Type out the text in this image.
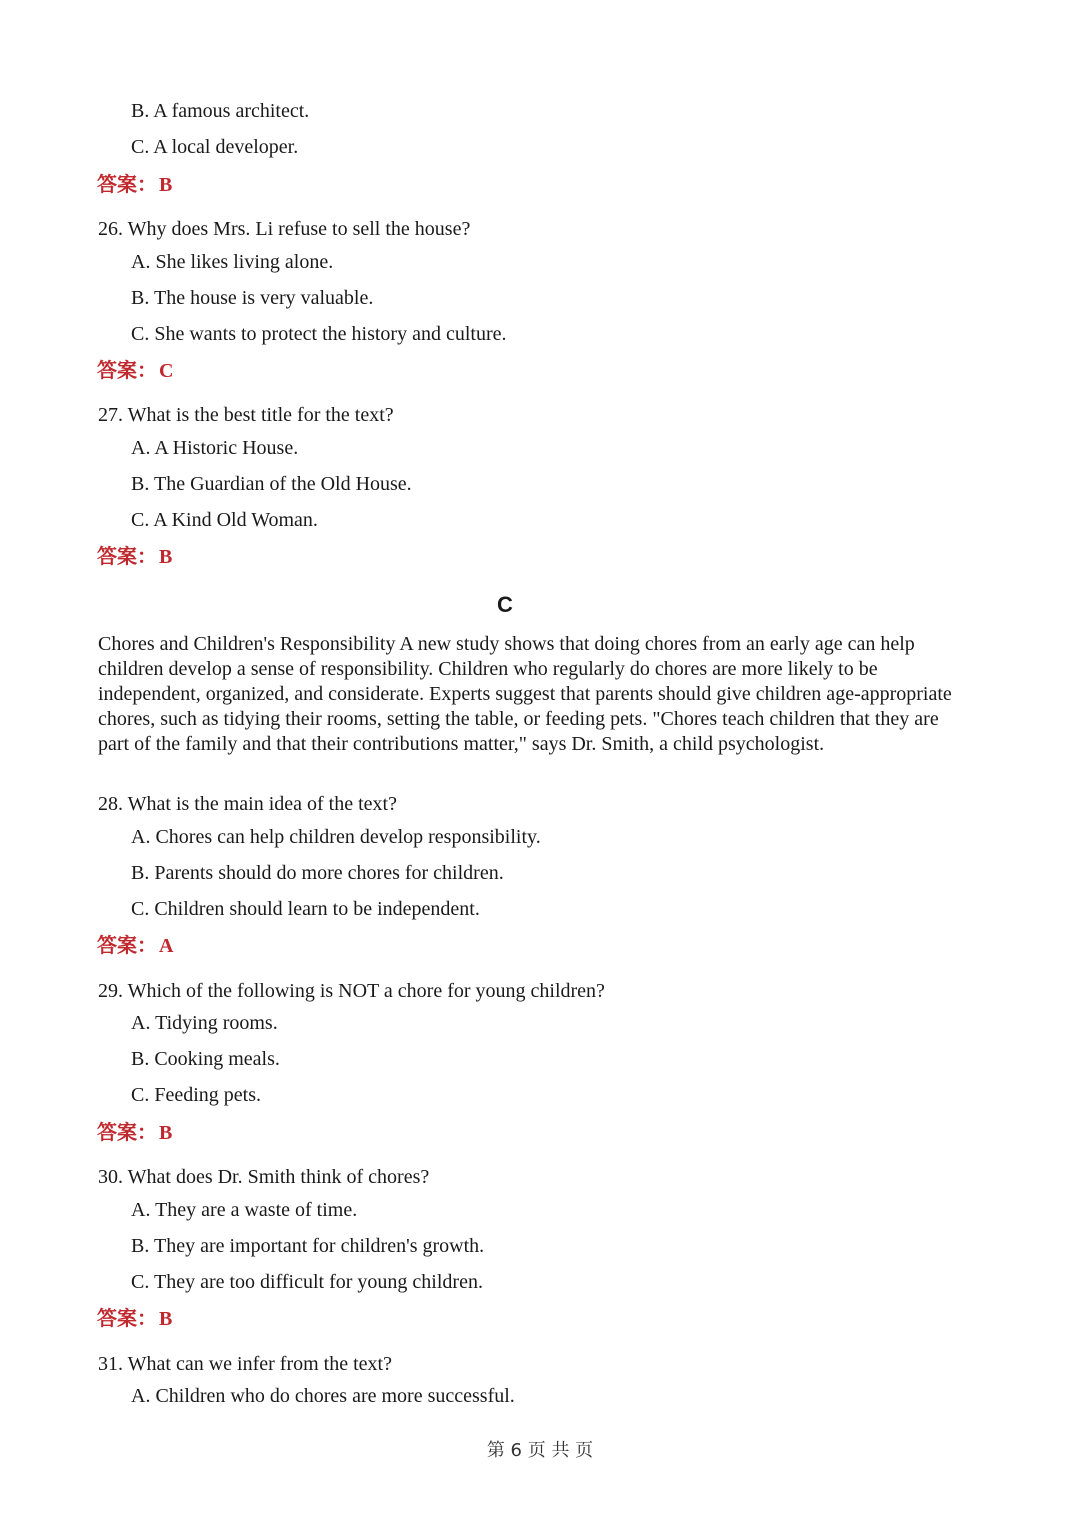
B. A famous architect.
C. A local developer.
答案： B
26. Why does Mrs. Li refuse to sell the house?
A. She likes living alone.
B. The house is very valuable.
C. She wants to protect the history and culture.
答案： C
27. What is the best title for the text?
A. A Historic House.
B. The Guardian of the Old House.
C. A Kind Old Woman.
答案： B
C
Chores and Children's Responsibility A new study shows that doing chores from an early age can help children develop a sense of responsibility. Children who regularly do chores are more likely to be independent, organized, and considerate. Experts suggest that parents should give children age-appropriate chores, such as tidying their rooms, setting the table, or feeding pets. "Chores teach children that they are part of the family and that their contributions matter," says Dr. Smith, a child psychologist.
28. What is the main idea of the text?
A. Chores can help children develop responsibility.
B. Parents should do more chores for children.
C. Children should learn to be independent.
答案： A
29. Which of the following is NOT a chore for young children?
A. Tidying rooms.
B. Cooking meals.
C. Feeding pets.
答案： B
30. What does Dr. Smith think of chores?
A. They are a waste of time.
B. They are important for children's growth.
C. They are too difficult for young children.
答案： B
31. What can we infer from the text?
A. Children who do chores are more successful.
第 6 页 共 页
